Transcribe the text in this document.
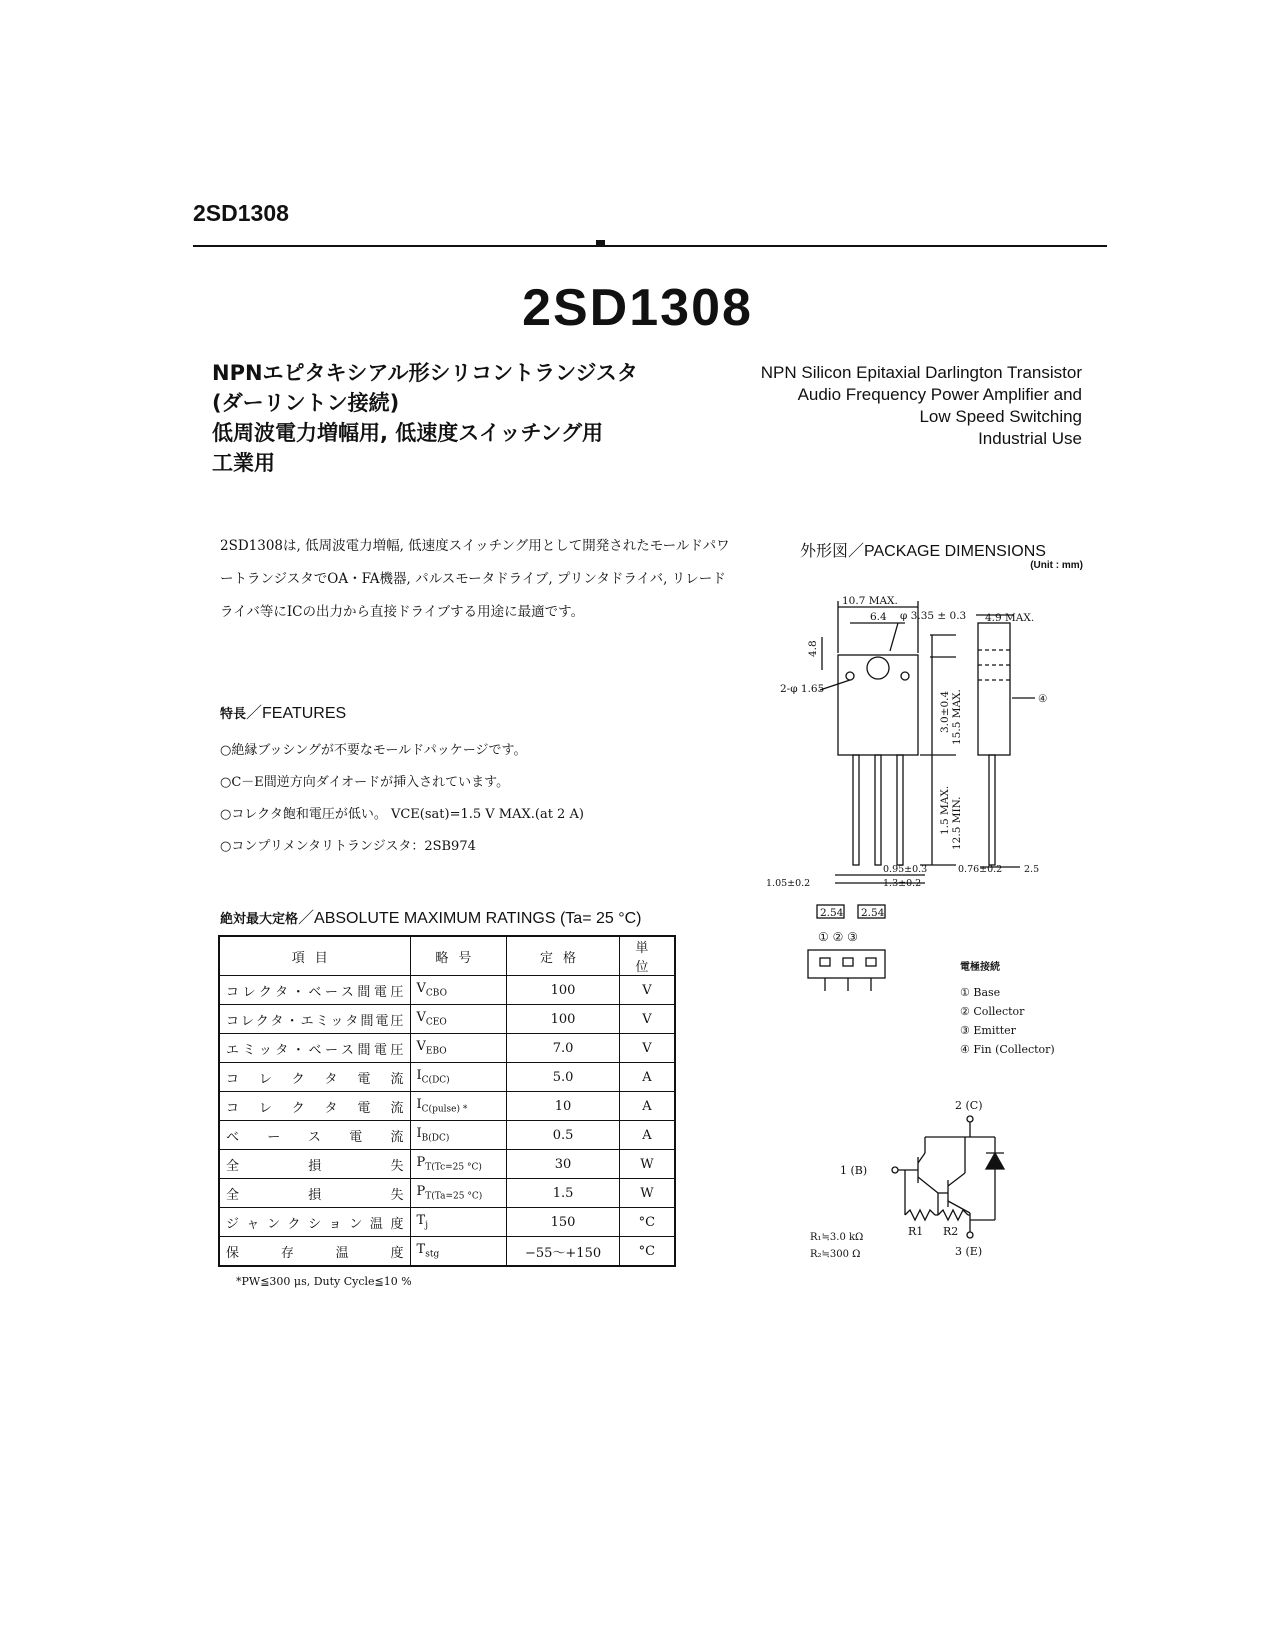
2SD1308
2SD1308
NPNエピタキシアル形シリコントランジスタ
(ダーリントン接続)
低周波電力増幅用, 低速度スイッチング用
工業用
NPN Silicon Epitaxial Darlington Transistor
Audio Frequency Power Amplifier and
Low Speed Switching
Industrial Use
2SD1308は, 低周波電力増幅, 低速度スイッチング用として開発されたモールドパワートランジスタでOA・FA機器, パルスモータドライブ, プリンタドライバ, リレードライバ等にICの出力から直接ドライブする用途に最適です。
特長／FEATURES
○絶縁ブッシングが不要なモールドパッケージです。
○C－E間逆方向ダイオードが挿入されています。
○コレクタ飽和電圧が低い。 VCE(sat)=1.5 V MAX.(at 2 A)
○コンプリメンタリトランジスタ：2SB974
絶対最大定格／ABSOLUTE MAXIMUM RATINGS (Ta= 25 °C)
項目	略号	定格	単位
コレクタ・ベース間電圧	$V_{CBO}$	100	V
コレクタ・エミッタ間電圧	$V_{CEO}$	100	V
エミッタ・ベース間電圧	$V_{EBO}$	7.0	V
コレクタ電流	$I_{C(DC)}$	5.0	A
コレクタ電流	$I_{C(pulse) *}$	10	A
ベース電流	$I_{B(DC)}$	0.5	A
全損失	$P_{T(Tc=25 ^\circ C)}$	30	W
全損失	$P_{T(Ta=25 ^\circ C)}$	1.5	W
ジャンクション温度	$T_j$	150	°C
保存温度	$T_{stg}$	−55～+150	°C
*PW≦300 μs, Duty Cycle≦10 %
外形図／PACKAGE DIMENSIONS
(Unit : mm)
10.7 MAX.
6.4 φ 3.35 ± 0.3 4.9 MAX.
4.8
2-φ 1.65
3.0±0.4 15.5 MAX.
1.5 MAX. 12.5 MIN.
④
0.95±0.3	0.76±0.2 2.5
1.05±0.2	1.3±0.2
2.54 2.54
① ② ③
電極接続
① Base
② Collector
③ Emitter
④ Fin (Collector)
2 (C)
1 (B)
3 (E)
R1 R2
R₁≒3.0 kΩ
R₂≒300 Ω
